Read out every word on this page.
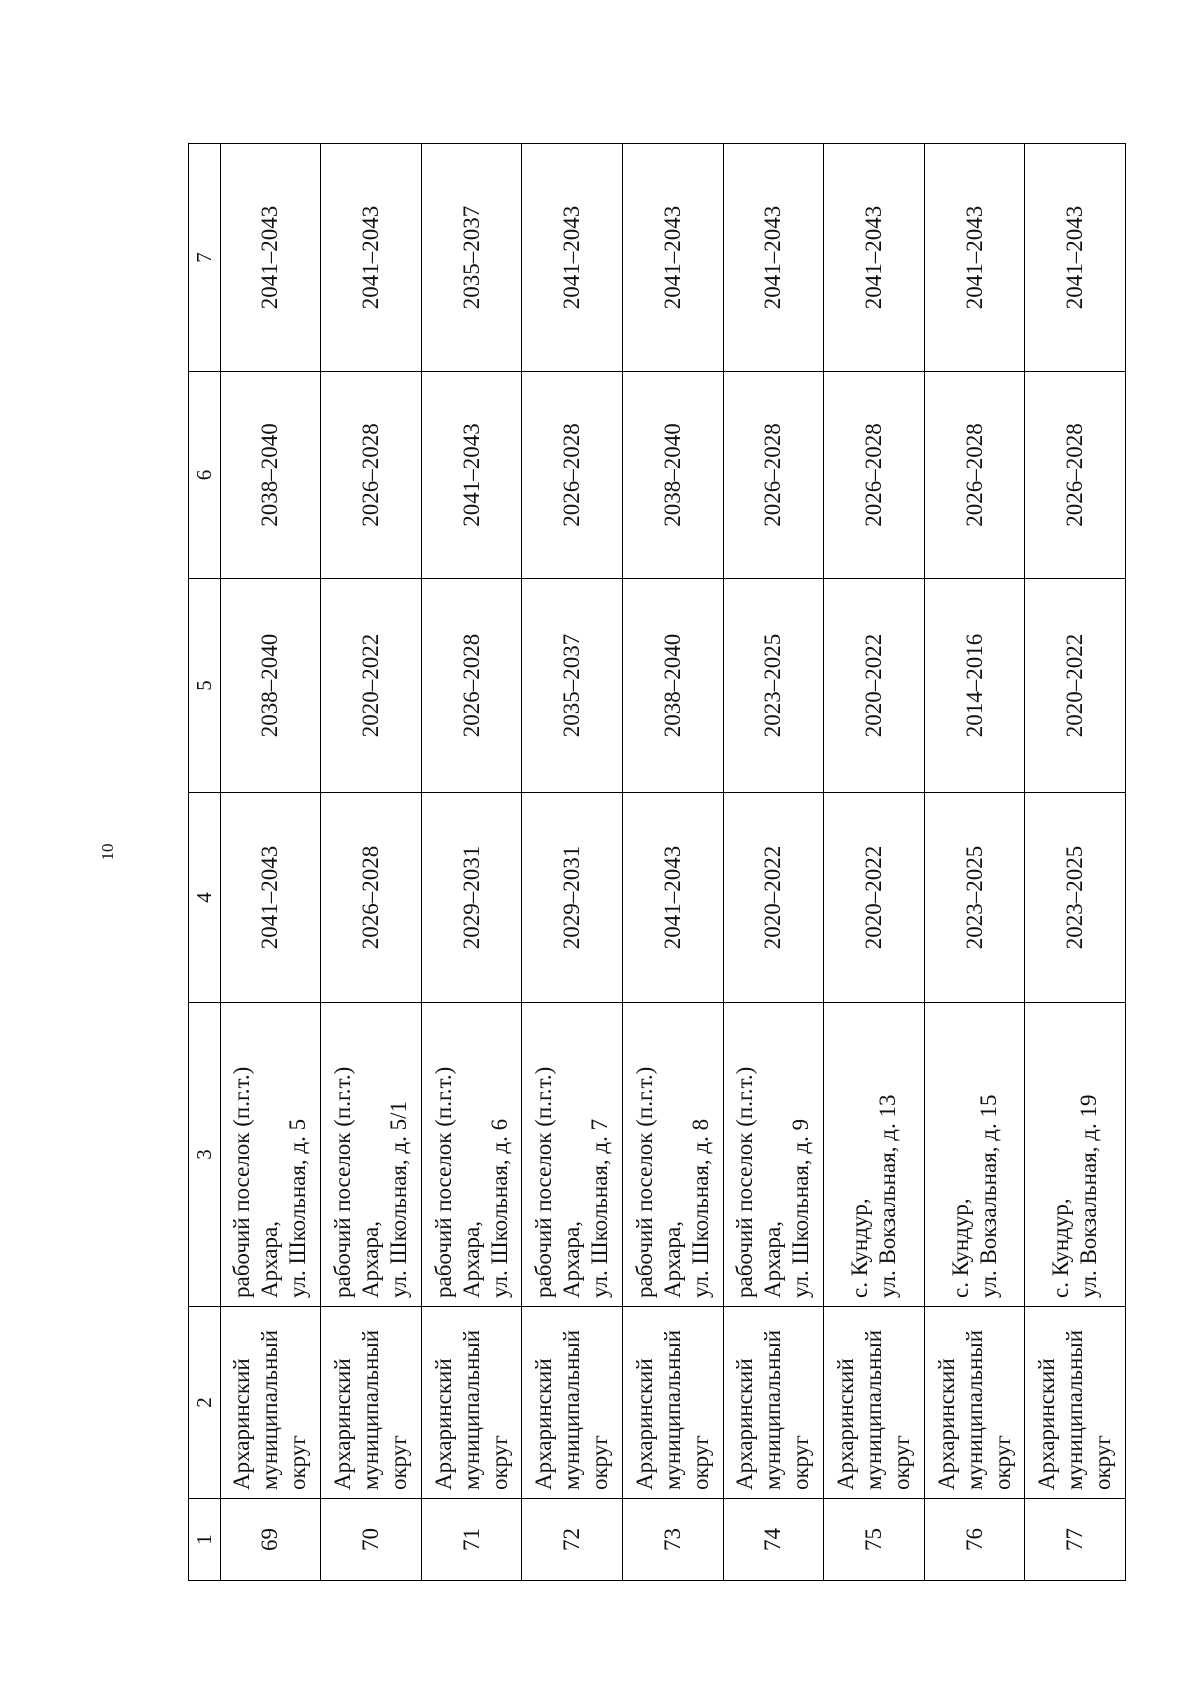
10
1	2	3	4	5	6	7
69	Архаринский муниципальный округ	рабочий поселок (п.г.т.) Архара, ул. Школьная, д. 5	2041–2043	2038–2040	2038–2040	2041–2043
70	Архаринский муниципальный округ	рабочий поселок (п.г.т.) Архара, ул. Школьная, д. 5/1	2026–2028	2020–2022	2026–2028	2041–2043
71	Архаринский муниципальный округ	рабочий поселок (п.г.т.) Архара, ул. Школьная, д. 6	2029–2031	2026–2028	2041–2043	2035–2037
72	Архаринский муниципальный округ	рабочий поселок (п.г.т.) Архара, ул. Школьная, д. 7	2029–2031	2035–2037	2026–2028	2041–2043
73	Архаринский муниципальный округ	рабочий поселок (п.г.т.) Архара, ул. Школьная, д. 8	2041–2043	2038–2040	2038–2040	2041–2043
74	Архаринский муниципальный округ	рабочий поселок (п.г.т.) Архара, ул. Школьная, д. 9	2020–2022	2023–2025	2026–2028	2041–2043
75	Архаринский муниципальный округ	с. Кундур, ул. Вокзальная, д. 13	2020–2022	2020–2022	2026–2028	2041–2043
76	Архаринский муниципальный округ	с. Кундур, ул. Вокзальная, д. 15	2023–2025	2014–2016	2026–2028	2041–2043
77	Архаринский муниципальный округ	с. Кундур, ул. Вокзальная, д. 19	2023–2025	2020–2022	2026–2028	2041–2043
